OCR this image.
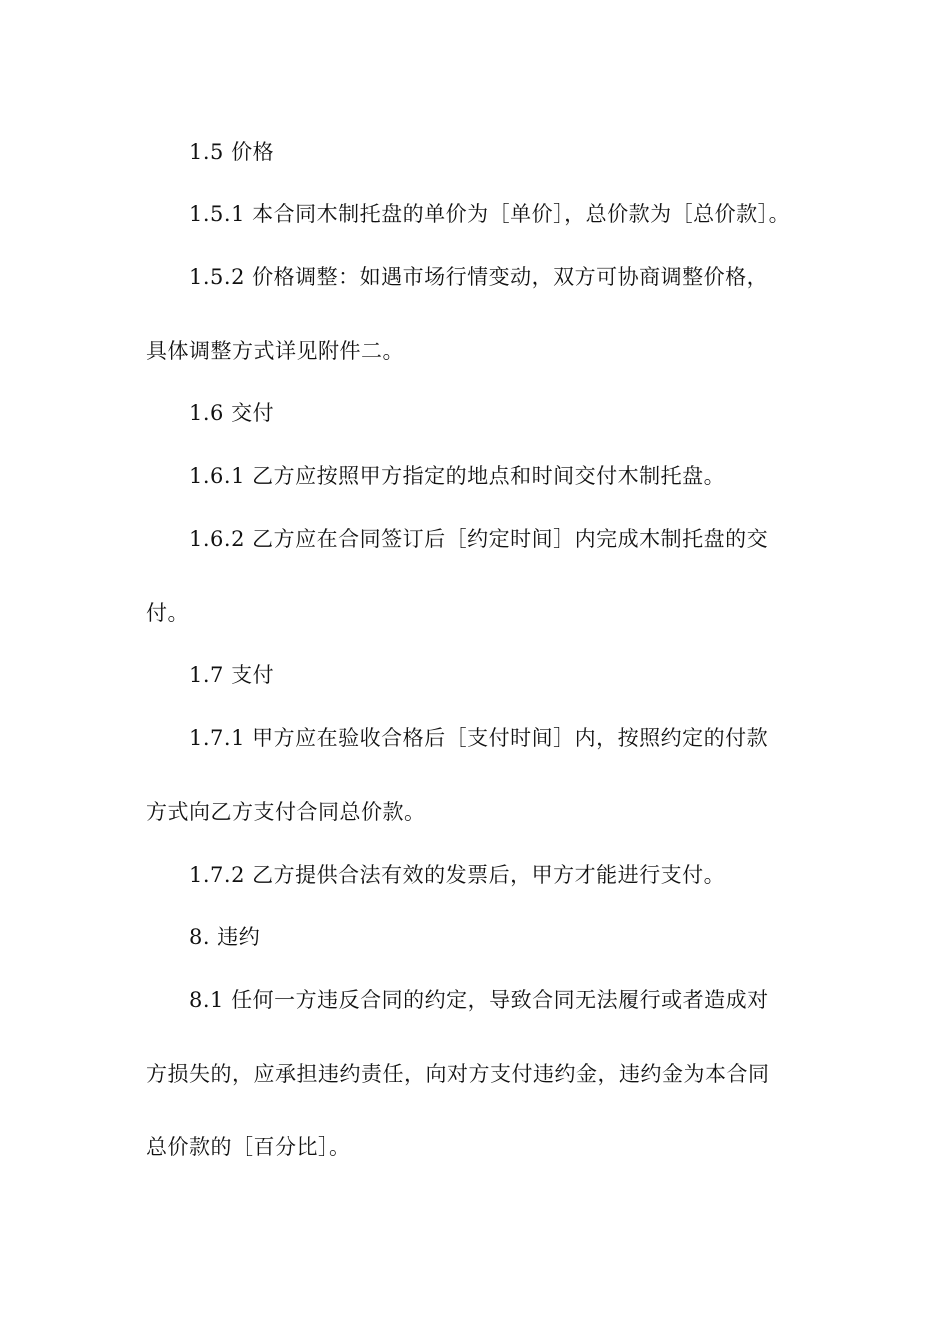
1.5 价格
1.5.1 本合同木制托盘的单价为［单价］，总价款为［总价款］。
1.5.2 价格调整：如遇市场行情变动，双方可协商调整价格，
具体调整方式详见附件二。
1.6 交付
1.6.1 乙方应按照甲方指定的地点和时间交付木制托盘。
1.6.2 乙方应在合同签订后［约定时间］内完成木制托盘的交
付。
1.7 支付
1.7.1 甲方应在验收合格后［支付时间］内，按照约定的付款
方式向乙方支付合同总价款。
1.7.2 乙方提供合法有效的发票后，甲方才能进行支付。
8. 违约
8.1 任何一方违反合同的约定，导致合同无法履行或者造成对
方损失的，应承担违约责任，向对方支付违约金，违约金为本合同
总价款的［百分比］。
